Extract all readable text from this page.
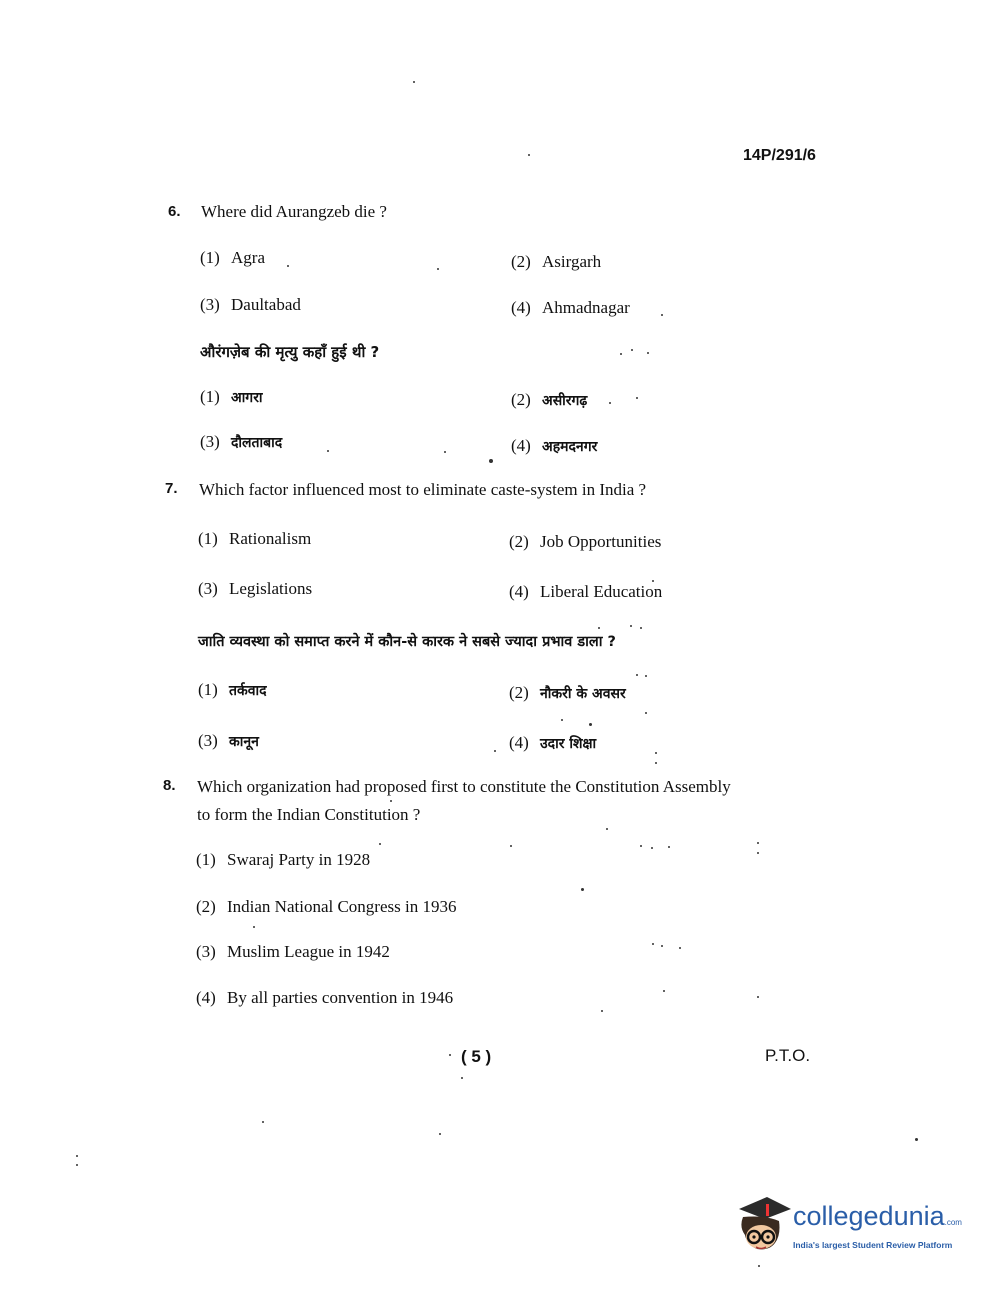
14P/291/6
6. Where did Aurangzeb die ?
(1) Agra	(2) Asirgarh
(3) Daultabad	(4) Ahmadnagar
औरंगज़ेब की मृत्यु कहाँ हुई थी ?
(1) आगरा	(2) असीरगढ़
(3) दौलताबाद	(4) अहमदनगर
7. Which factor influenced most to eliminate caste-system in India ?
(1) Rationalism	(2) Job Opportunities
(3) Legislations	(4) Liberal Education
जाति व्यवस्था को समाप्त करने में कौन-से कारक ने सबसे ज्यादा प्रभाव डाला ?
(1) तर्कवाद	(2) नौकरी के अवसर
(3) कानून	(4) उदार शिक्षा
8. Which organization had proposed first to constitute the Constitution Assembly
to form the Indian Constitution ?
(1) Swaraj Party in 1928
(2) Indian National Congress in 1936
(3) Muslim League in 1942
(4) By all parties convention in 1946
( 5 )	P.T.O.
collegedunia.com
India's largest Student Review Platform
